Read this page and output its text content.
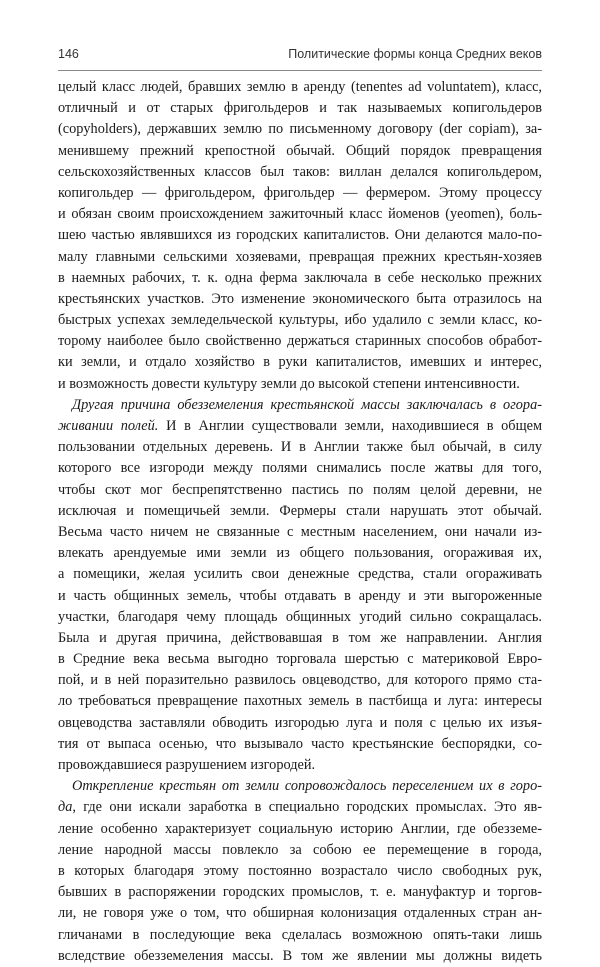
146	Политические формы конца Средних веков
целый класс людей, бравших землю в аренду (tenentes ad voluntatem), класс,
отличный и от старых фригольдеров и так называемых копигольдеров
(copyholders), державших землю по письменному договору (der copiam), за-
менившему прежний крепостной обычай. Общий порядок превращения
сельскохозяйственных классов был таков: виллан делался копигольдером,
копигольдер — фригольдером, фригольдер — фермером. Этому процессу
и обязан своим происхождением зажиточный класс йоменов (yeomen), боль-
шею частью являвшихся из городских капиталистов. Они делаются мало-по-
малу главными сельскими хозяевами, превращая прежних крестьян-хозяев
в наемных рабочих, т. к. одна ферма заключала в себе несколько прежних
крестьянских участков. Это изменение экономического быта отразилось на
быстрых успехах земледельческой культуры, ибо удалило с земли класс, ко-
торому наиболее было свойственно держаться старинных способов обработ-
ки земли, и отдало хозяйство в руки капиталистов, имевших и интерес,
и возможность довести культуру земли до высокой степени интенсивности.
Другая причина обезземеления крестьянской массы заключалась в огора-
живании полей. И в Англии существовали земли, находившиеся в общем
пользовании отдельных деревень. И в Англии также был обычай, в силу
которого все изгороди между полями снимались после жатвы для того,
чтобы скот мог беспрепятственно пастись по полям целой деревни, не
исключая и помещичьей земли. Фермеры стали нарушать этот обычай.
Весьма часто ничем не связанные с местным населением, они начали из-
влекать арендуемые ими земли из общего пользования, огораживая их,
а помещики, желая усилить свои денежные средства, стали огораживать
и часть общинных земель, чтобы отдавать в аренду и эти выгороженные
участки, благодаря чему площадь общинных угодий сильно сокращалась.
Была и другая причина, действовавшая в том же направлении. Англия
в Средние века весьма выгодно торговала шерстью с материковой Евро-
пой, и в ней поразительно развилось овцеводство, для которого прямо ста-
ло требоваться превращение пахотных земель в пастбища и луга: интересы
овцеводства заставляли обводить изгородью луга и поля с целью их изъя-
тия от выпаса осенью, что вызывало часто крестьянские беспорядки, со-
провождавшиеся разрушением изгородей.
Открепление крестьян от земли сопровождалось переселением их в горо-
да, где они искали заработка в специально городских промыслах. Это яв-
ление особенно характеризует социальную историю Англии, где обезземе-
ление народной массы повлекло за собою ее перемещение в города,
в которых благодаря этому постоянно возрастало число свободных рук,
бывших в распоряжении городских промыслов, т. е. мануфактур и торгов-
ли, не говоря уже о том, что обширная колонизация отдаленных стран ан-
гличанами в последующие века сделалась возможною опять-таки лишь
вследствие обезземеления массы. В том же явлении мы должны видеть
